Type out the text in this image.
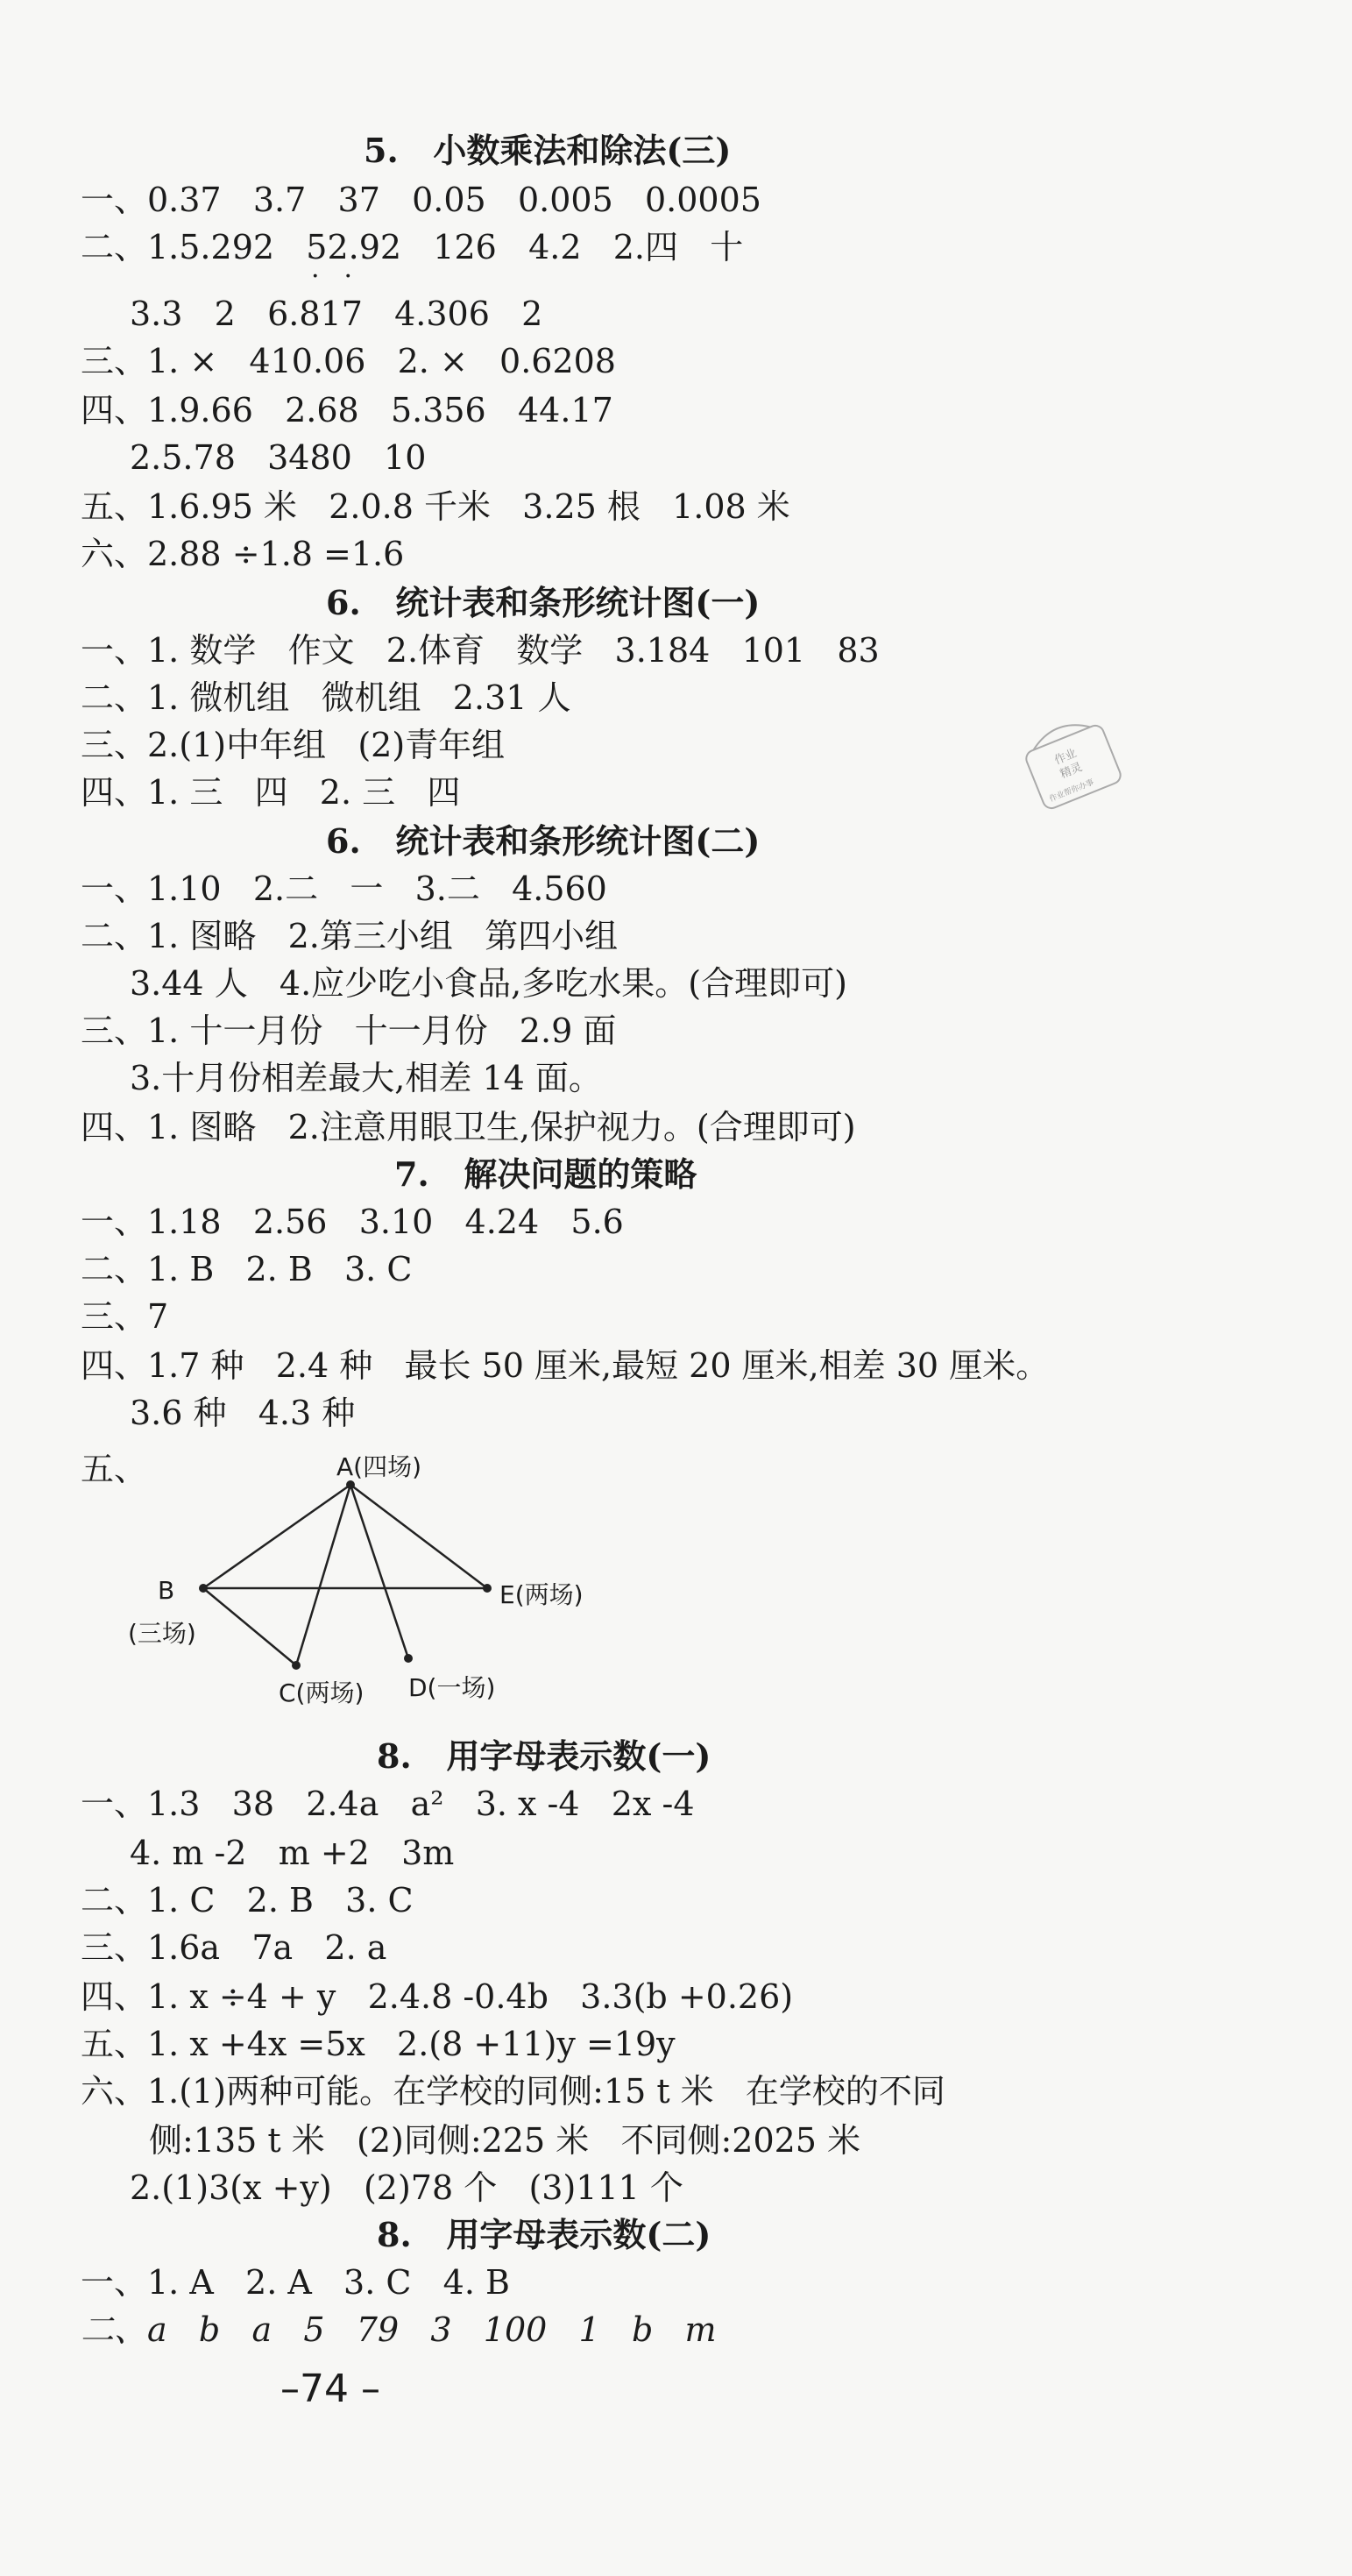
5.   小数乘法和除法(三)
一、0.37   3.7   37   0.05   0.005   0.0005
二、1.5.292   52.92   126   4.2   2.四   十
··
3.3   2   6.817   4.306   2
三、1. ×   410.06   2. ×   0.6208
四、1.9.66   2.68   5.356   44.17
2.5.78   3480   10
五、1.6.95 米   2.0.8 千米   3.25 根   1.08 米
六、2.88 ÷1.8 =1.6
6.   统计表和条形统计图(一)
一、1. 数学   作文   2.体育   数学   3.184   101   83
二、1. 微机组   微机组   2.31 人
三、2.(1)中年组   (2)青年组
四、1. 三   四   2. 三   四
作业
精灵
作业帮你办事
6.   统计表和条形统计图(二)
一、1.10   2.二   一   3.二   4.560
二、1. 图略   2.第三小组   第四小组
3.44 人   4.应少吃小食品,多吃水果。(合理即可)
三、1. 十一月份   十一月份   2.9 面
3.十月份相差最大,相差 14 面。
四、1. 图略   2.注意用眼卫生,保护视力。(合理即可)
7.   解决问题的策略
一、1.18   2.56   3.10   4.24   5.6
二、1. B   2. B   3. C
三、7
四、1.7 种   2.4 种   最长 50 厘米,最短 20 厘米,相差 30 厘米。
3.6 种   4.3 种
五、	A(四场)
B
(三场)
E(两场)
C(两场) D(一场)
8.   用字母表示数(一)
一、1.3   38   2.4a   a²   3. x -4   2x -4
4. m -2   m +2   3m
二、1. C   2. B   3. C
三、1.6a   7a   2. a
四、1. x ÷4 + y   2.4.8 -0.4b   3.3(b +0.26)
五、1. x +4x =5x   2.(8 +11)y =19y
六、1.(1)两种可能。在学校的同侧:15 t 米   在学校的不同
侧:135 t 米   (2)同侧:225 米   不同侧:2025 米
2.(1)3(x +y)   (2)78 个   (3)111 个
8.   用字母表示数(二)
一、1. A   2. A   3. C   4. B
二、a   b   a   5   79   3   100   1   b   m
–74 –
